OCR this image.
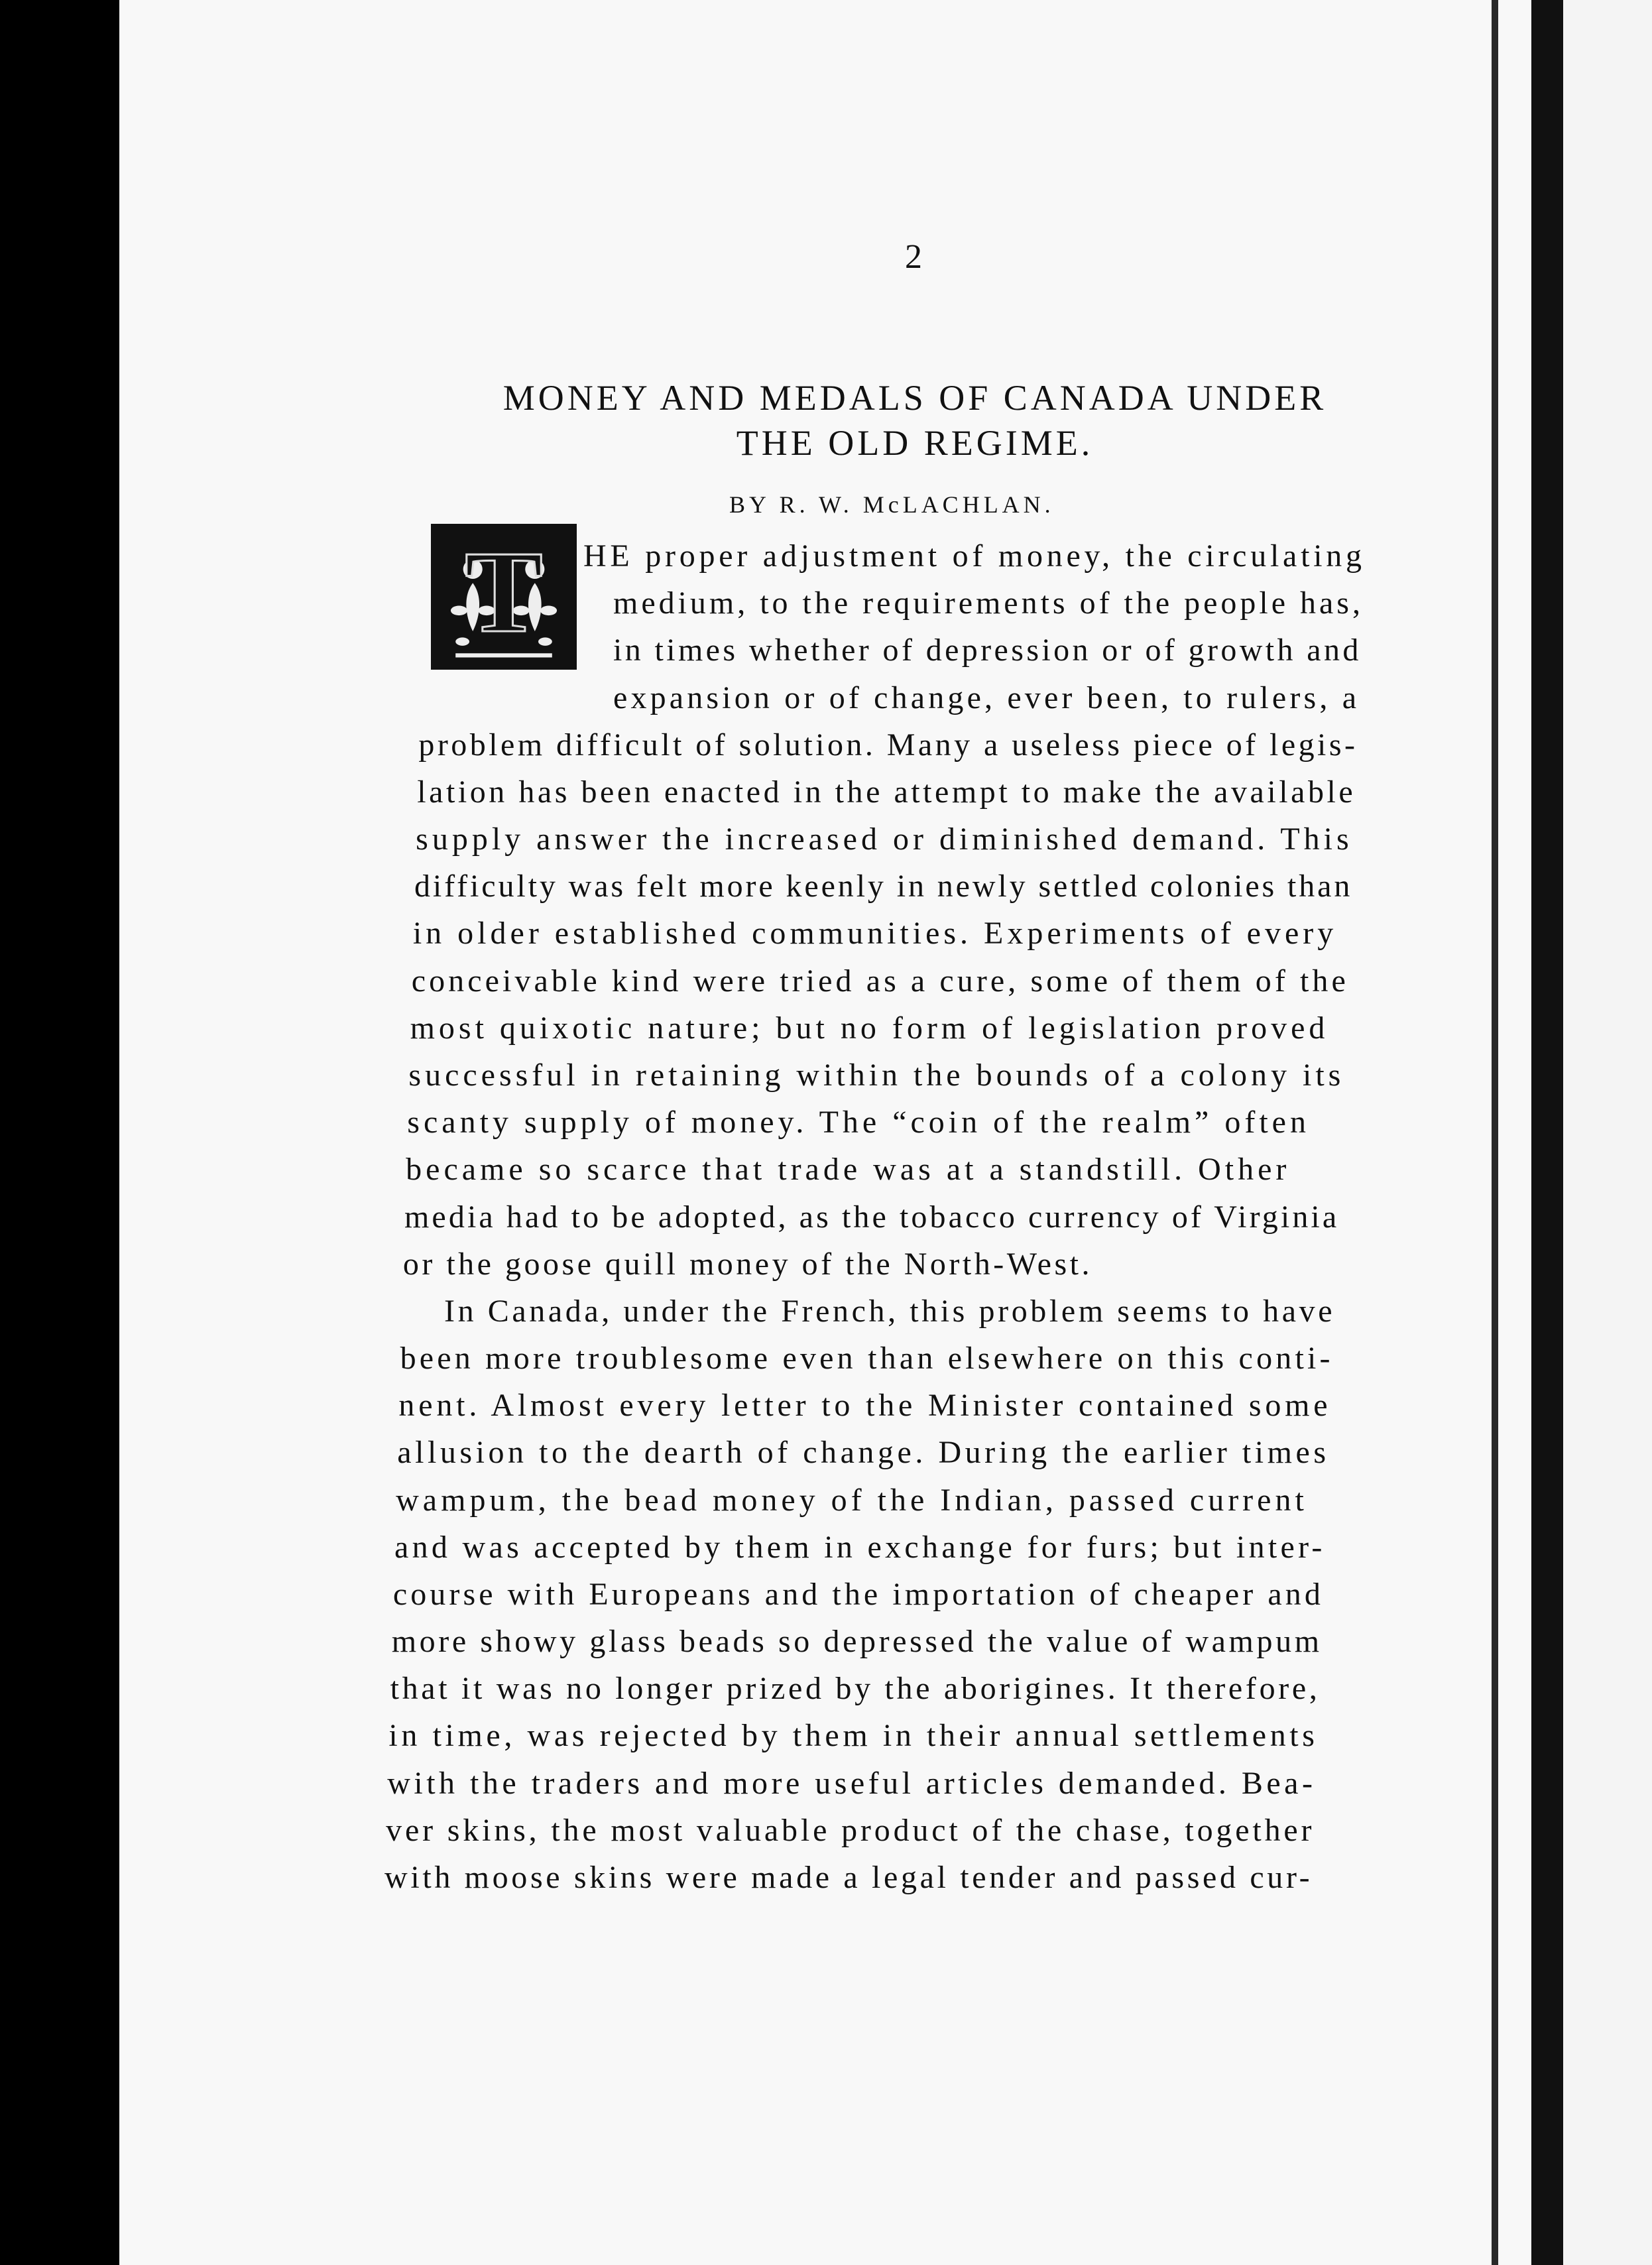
2
MONEY AND MEDALS OF CANADA UNDER
THE OLD REGIME.
BY R. W. McLACHLAN.
T HE proper adjustment of money, the circulating

medium, to the requirements of the people has,

in times whether of depression or of growth and

expansion or of change, ever been, to rulers, a

problem difficult of solution. Many a useless piece of legis-

lation has been enacted in the attempt to make the available

supply answer the increased or diminished demand. This

difficulty was felt more keenly in newly settled colonies than

in older established communities. Experiments of every

conceivable kind were tried as a cure, some of them of the

most quixotic nature; but no form of legislation proved

successful in retaining within the bounds of a colony its

scanty supply of money. The “coin of the realm” often

became so scarce that trade was at a standstill. Other

media had to be adopted, as the tobacco currency of Virginia

or the goose quill money of the North-West.

In Canada, under the French, this problem seems to have

been more troublesome even than elsewhere on this conti-

nent. Almost every letter to the Minister contained some

allusion to the dearth of change. During the earlier times

wampum, the bead money of the Indian, passed current

and was accepted by them in exchange for furs; but inter-

course with Europeans and the importation of cheaper and

more showy glass beads so depressed the value of wampum

that it was no longer prized by the aborigines. It therefore,

in time, was rejected by them in their annual settlements

with the traders and more useful articles demanded. Bea-

ver skins, the most valuable product of the chase, together

with moose skins were made a legal tender and passed cur-
